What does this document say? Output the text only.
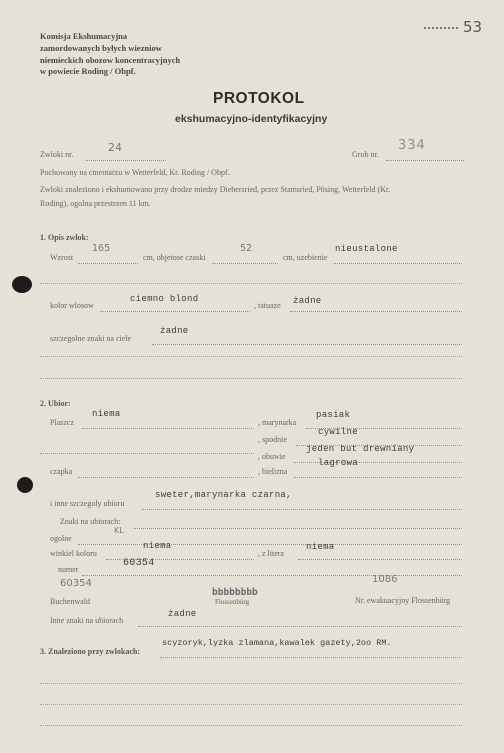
Komisja Ekshumacyjna
zamordowanych byłych wiezniow
niemieckich obozow koncentracyjnych
w powiecie Roding / Obpf.
53
PROTOKOL
ekshumacyjno-identyfikacyjny
Zwloki nr.
24
Grob nr.
334
Pochowany na cmentarzu w Wetterfeld, Kr. Roding / Obpf.
Zwloki znaleziono i ekshumowano przy drodze miedzy Diebersried, przez Stamsried, Pösing, Wetterfeld (Kr.
Roding), ogolna przestrzen 11 km.
1. Opis zwlok:
Wzrost
165
cm, objetose czaski
52
cm, uzebienie
nieustalone
kolor wlosow
ciemno blond
, tatuaze żadne
szczegolne znaki na ciele
żadne
2. Ubior:
Plaszcz
niema
, marynarka
pasiak
, spodnie
cywilne
, obuwie
jeden but drewniany
czapka	, bielizna
lagrowa
i inne szczegoly ubioru
sweter,marynarka czarna,
Znaki na ubiorach:
KL
ogolne
winkiel koloru
niema
, z litera
niema
numer
60354
60354
Buchenwald
bbbbbbbb
Flossenbürg
1086
Nr. ewakuacyjny Flossenbürg
Inne znaki na ubiorach
żadne
3. Znaleziono przy zwlokach:
scyzoryk,lyzka zlamana,kawalek gazety,2oo RM.
